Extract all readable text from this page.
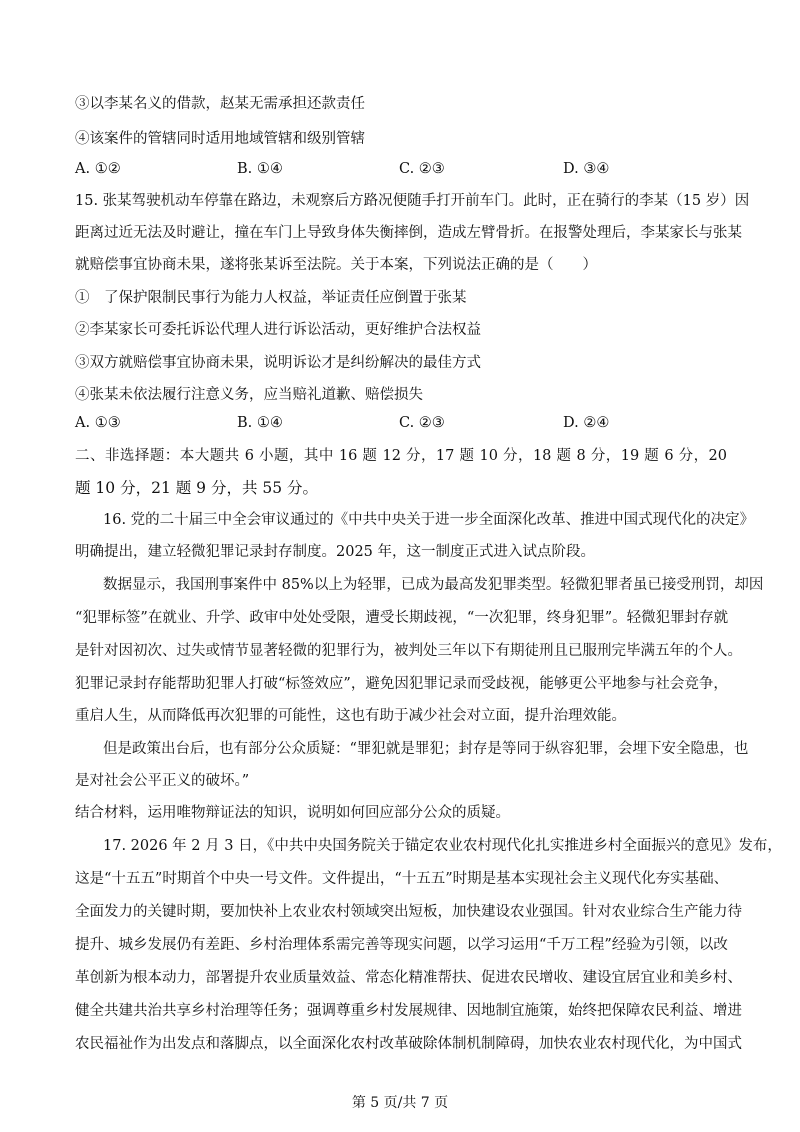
③以李某名义的借款，赵某无需承担还款责任
④该案件的管辖同时适用地域管辖和级别管辖
A. ①②	B. ①④	C. ②③	D. ③④
15. 张某驾驶机动车停靠在路边，未观察后方路况便随手打开前车门。此时，正在骑行的李某（15 岁）因
距离过近无法及时避让，撞在车门上导致身体失衡摔倒，造成左臂骨折。在报警处理后，李某家长与张某
就赔偿事宜协商未果，遂将张某诉至法院。关于本案，下列说法正确的是（　　）
①　了保护限制民事行为能力人权益，举证责任应倒置于张某
②李某家长可委托诉讼代理人进行诉讼活动，更好维护合法权益
③双方就赔偿事宜协商未果，说明诉讼才是纠纷解决的最佳方式
④张某未依法履行注意义务，应当赔礼道歉、赔偿损失
A. ①③	B. ①④	C. ②③	D. ②④
二、非选择题：本大题共 6 小题，其中 16 题 12 分，17 题 10 分，18 题 8 分，19 题 6 分，20
题 10 分，21 题 9 分，共 55 分。
16. 党的二十届三中全会审议通过的《中共中央关于进一步全面深化改革、推进中国式现代化的决定》
明确提出，建立轻微犯罪记录封存制度。2025 年，这一制度正式进入试点阶段。
数据显示，我国刑事案件中 85%以上为轻罪，已成为最高发犯罪类型。轻微犯罪者虽已接受刑罚，却因
“犯罪标签”在就业、升学、政审中处处受限，遭受长期歧视，“一次犯罪，终身犯罪”。轻微犯罪封存就
是针对因初次、过失或情节显著轻微的犯罪行为，被判处三年以下有期徒刑且已服刑完毕满五年的个人。
犯罪记录封存能帮助犯罪人打破“标签效应”，避免因犯罪记录而受歧视，能够更公平地参与社会竞争，
重启人生，从而降低再次犯罪的可能性，这也有助于减少社会对立面，提升治理效能。
但是政策出台后，也有部分公众质疑：“罪犯就是罪犯；封存是等同于纵容犯罪，会埋下安全隐患，也
是对社会公平正义的破坏。”
结合材料，运用唯物辩证法的知识，说明如何回应部分公众的质疑。
17. 2026 年 2 月 3 日，《中共中央国务院关于锚定农业农村现代化扎实推进乡村全面振兴的意见》发布，
这是“十五五”时期首个中央一号文件。文件提出，“十五五”时期是基本实现社会主义现代化夯实基础、
全面发力的关键时期，要加快补上农业农村领域突出短板，加快建设农业强国。针对农业综合生产能力待
提升、城乡发展仍有差距、乡村治理体系需完善等现实问题，以学习运用“千万工程”经验为引领，以改
革创新为根本动力，部署提升农业质量效益、常态化精准帮扶、促进农民增收、建设宜居宜业和美乡村、
健全共建共治共享乡村治理等任务；强调尊重乡村发展规律、因地制宜施策，始终把保障农民利益、增进
农民福祉作为出发点和落脚点，以全面深化农村改革破除体制机制障碍，加快农业农村现代化，为中国式
第 5 页/共 7 页
